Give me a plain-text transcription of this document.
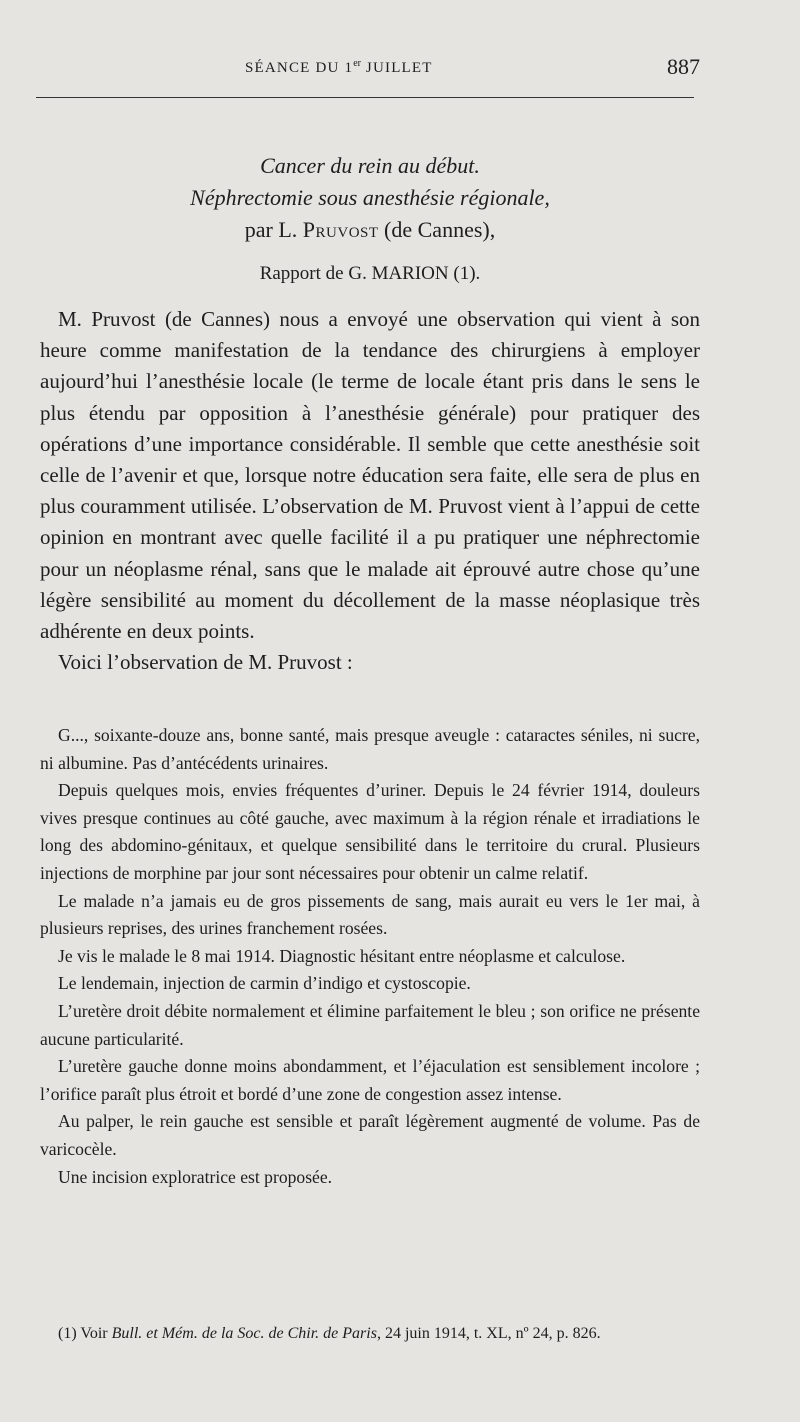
SÉANCE DU 1er JUILLET	887
Cancer du rein au début.
Néphrectomie sous anesthésie régionale,
par L. Pruvost (de Cannes),
Rapport de G. MARION (1).

M. Pruvost (de Cannes) nous a envoyé une observation qui vient à son heure comme manifestation de la tendance des chirurgiens à employer aujourd’hui l’anesthésie locale (le terme de locale étant pris dans le sens le plus étendu par opposition à l’anesthésie générale) pour pratiquer des opérations d’une importance considérable. Il semble que cette anesthésie soit celle de l’avenir et que, lorsque notre éducation sera faite, elle sera de plus en plus couramment utilisée. L’observation de M. Pruvost vient à l’appui de cette opinion en montrant avec quelle facilité il a pu pratiquer une néphrectomie pour un néoplasme rénal, sans que le malade ait éprouvé autre chose qu’une légère sensibilité au moment du décollement de la masse néoplasique très adhérente en deux points.

Voici l’observation de M. Pruvost :

G..., soixante-douze ans, bonne santé, mais presque aveugle : cataractes séniles, ni sucre, ni albumine. Pas d’antécédents urinaires.

Depuis quelques mois, envies fréquentes d’uriner. Depuis le 24 février 1914, douleurs vives presque continues au côté gauche, avec maximum à la région rénale et irradiations le long des abdomino-génitaux, et quelque sensibilité dans le territoire du crural. Plusieurs injections de morphine par jour sont nécessaires pour obtenir un calme relatif.

Le malade n’a jamais eu de gros pissements de sang, mais aurait eu vers le 1er mai, à plusieurs reprises, des urines franchement rosées.

Je vis le malade le 8 mai 1914. Diagnostic hésitant entre néoplasme et calculose.

Le lendemain, injection de carmin d’indigo et cystoscopie.

L’uretère droit débite normalement et élimine parfaitement le bleu ; son orifice ne présente aucune particularité.

L’uretère gauche donne moins abondamment, et l’éjaculation est sensiblement incolore ; l’orifice paraît plus étroit et bordé d’une zone de congestion assez intense.

Au palper, le rein gauche est sensible et paraît légèrement augmenté de volume. Pas de varicocèle.

Une incision exploratrice est proposée.

(1) Voir Bull. et Mém. de la Soc. de Chir. de Paris, 24 juin 1914, t. XL, nº 24, p. 826.
